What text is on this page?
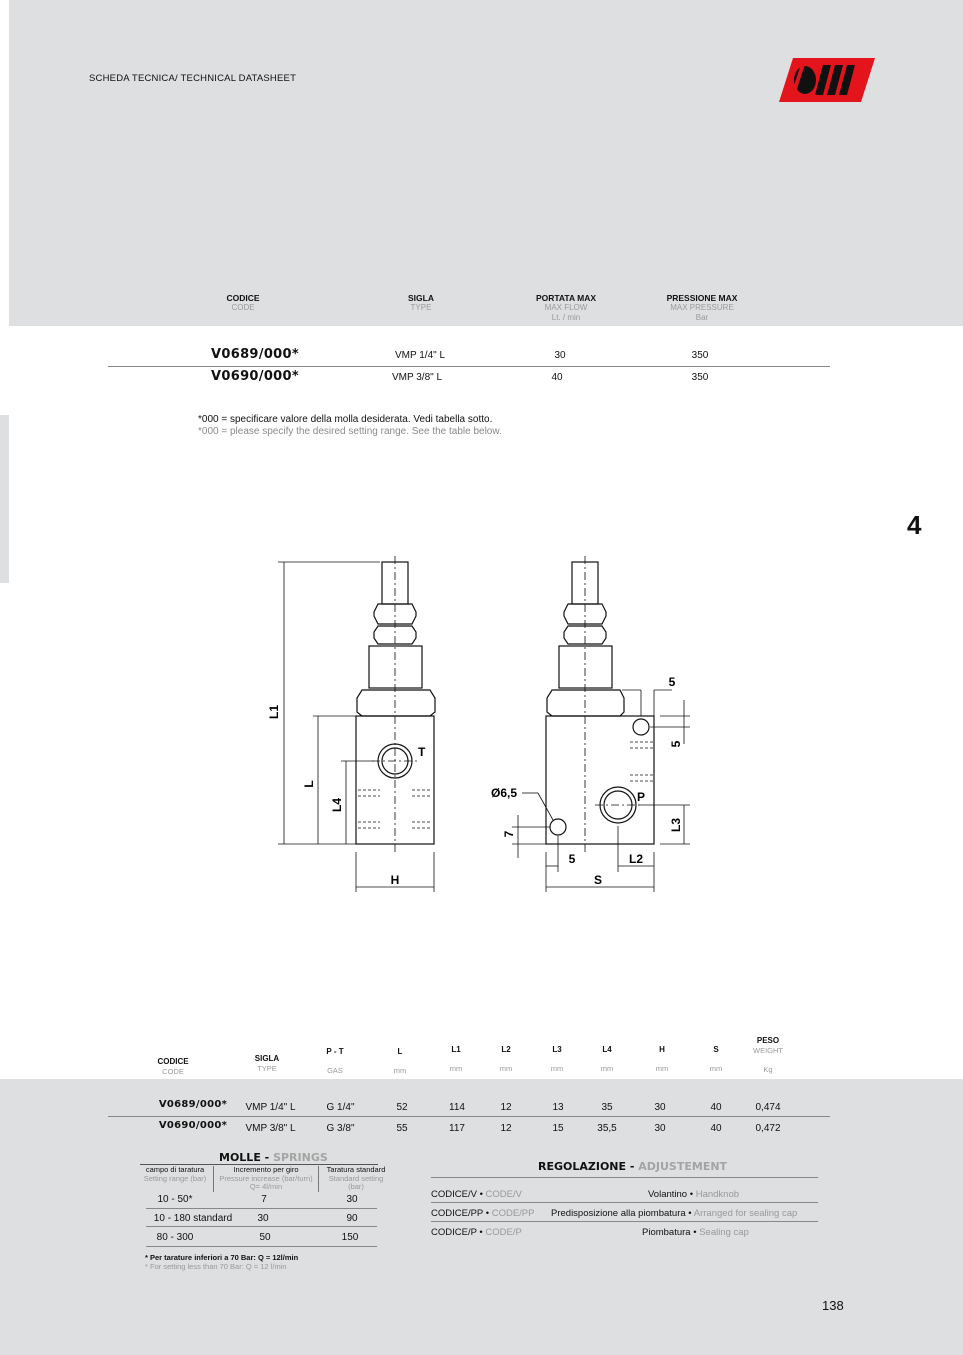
SCHEDA TECNICA/ TECHNICAL DATASHEET
4
CODICE
CODE
SIGLA
TYPE
PORTATA MAX
MAX FLOW
Lt. / min
PRESSIONE MAX
MAX PRESSURE
Bar
V0689/000*	VMP 1/4" L	30	350
V0690/000*	VMP 3/8" L	40	350
*000 = specificare valore della molla desiderata. Vedi tabella sotto.
*000 = please specify the desired setting range. See the table below.
L1
L
L4
H
T
P
S
L2
L3
5
5
5
7
Ø6,5
CODICE
CODE
SIGLA
TYPE
P - T
GAS
L
mm
L1
mm
L2
mm
L3
mm
L4
mm
H
mm
S
mm
PESO
WEIGHT
Kg
V0689/000*	VMP 1/4" L	G 1/4"	52	114	12	13	35	30	40	0,474
V0690/000*	VMP 3/8" L	G 3/8"	55	117	12	15	35,5	30	40	0,472
MOLLE - SPRINGS
campo di taratura
Setting range (bar)
Incremento per giro
Pressure increase (bar/turn)
Q= 4l/min
Taratura standard
Standard setting
(bar)
10 - 50*	7	30
10 - 180 standard	30	90
80 - 300	50	150
* Per tarature inferiori a 70 Bar: Q = 12l/min
* For setting less than 70 Bar: Q = 12 l/min
REGOLAZIONE - ADJUSTEMENT
CODICE/V • CODE/V	Volantino • Handknob
CODICE/PP • CODE/PP Predisposizione alla piombatura • Arranged for sealing cap
CODICE/P • CODE/P	Piombatura • Sealing cap
138
